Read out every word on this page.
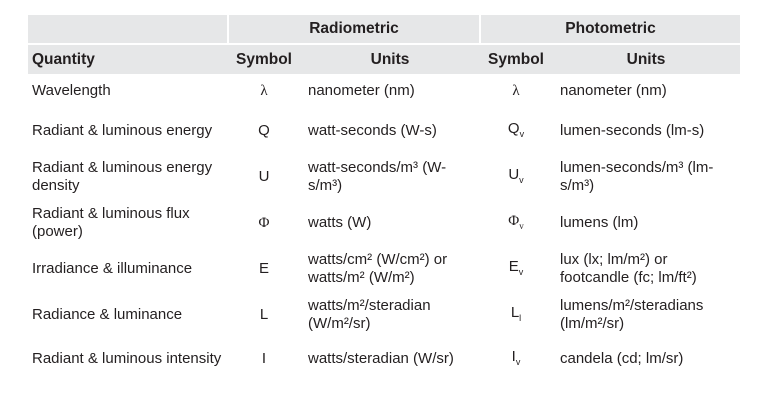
	Radiometric		Photometric	
Quantity	Symbol	Units	Symbol	Units
Wavelength	λ	nanometer (nm)	λ	nanometer (nm)
Radiant & luminous energy	Q	watt-seconds (W-s)	$Q_v$	lumen-seconds (lm-s)
Radiant & luminous energy density	U	watt-seconds/m³ (W-s/m³)	$U_v$	lumen-seconds/m³ (lm-s/m³)
Radiant & luminous flux (power)	Φ	watts (W)	$\Phi_v$	lumens (lm)
Irradiance & illuminance	E	watts/cm² (W/cm²) or watts/m² (W/m²)	$E_v$	lux (lx; lm/m²) or footcandle (fc; lm/ft²)
Radiance & luminance	L	watts/m²/steradian (W/m²/sr)	$L_l$	lumens/m²/steradians (lm/m²/sr)
Radiant & luminous intensity	I	watts/steradian (W/sr)	$I_v$	candela (cd; lm/sr)
